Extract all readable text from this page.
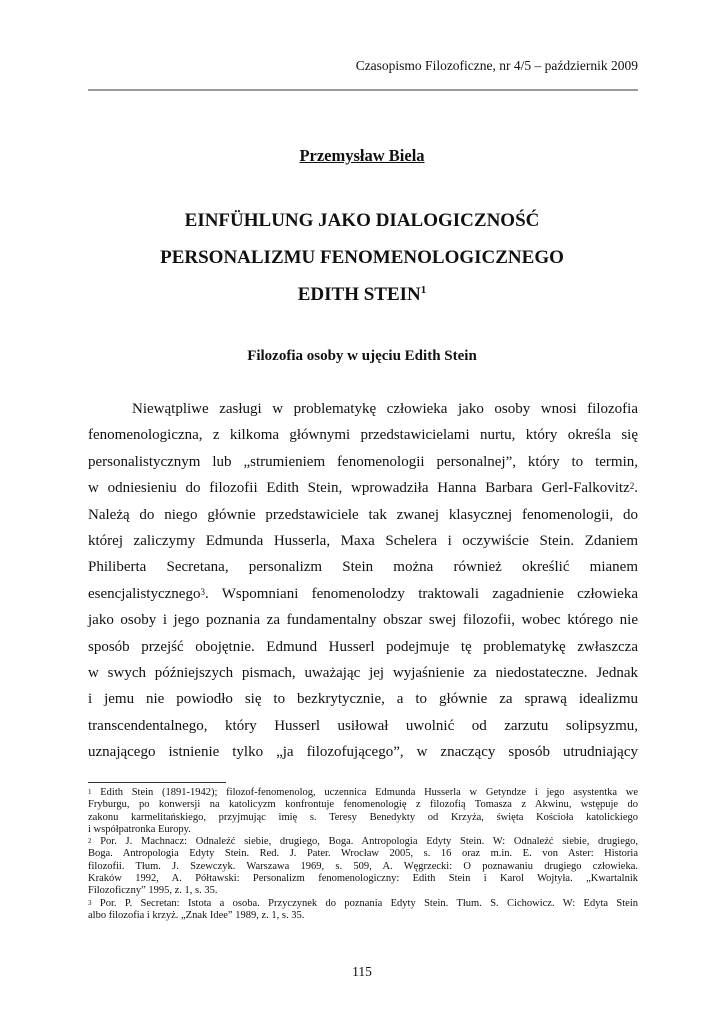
Czasopismo Filozoficzne, nr 4/5 – październik 2009
Przemysław Biela
EINFÜHLUNG JAKO DIALOGICZNOŚĆ
PERSONALIZMU FENOMENOLOGICZNEGO
EDITH STEIN$^1$
Filozofia osoby w ujęciu Edith Stein
Niewątpliwe zasługi w problematykę człowieka jako osoby wnosi filozofia
fenomenologiczna, z kilkoma głównymi przedstawicielami nurtu, który określa się
personalistycznym lub „strumieniem fenomenologii personalnej”, który to termin,
w odniesieniu do filozofii Edith Stein, wprowadziła Hanna Barbara Gerl-Falkovitz$^2$.
Należą do niego głównie przedstawiciele tak zwanej klasycznej fenomenologii, do
której zaliczymy Edmunda Husserla, Maxa Schelera i oczywiście Stein. Zdaniem
Philiberta Secretana, personalizm Stein można również określić mianem
esencjalistycznego$^3$. Wspomniani fenomenolodzy traktowali zagadnienie człowieka
jako osoby i jego poznania za fundamentalny obszar swej filozofii, wobec którego nie
sposób przejść obojętnie. Edmund Husserl podejmuje tę problematykę zwłaszcza
w swych późniejszych pismach, uważając jej wyjaśnienie za niedostateczne. Jednak
i jemu nie powiodło się to bezkrytycznie, a to głównie za sprawą idealizmu
transcendentalnego, który Husserl usiłował uwolnić od zarzutu solipsyzmu,
uznającego istnienie tylko „ja filozofującego”, w znaczący sposób utrudniający
$^1$ Edith Stein (1891-1942); filozof-fenomenolog, uczennica Edmunda Husserla w Getyndze i jego asystentka we
Fryburgu, po konwersji na katolicyzm konfrontuje fenomenologię z filozofią Tomasza z Akwinu, wstępuje do
zakonu karmelitańskiego, przyjmując imię s. Teresy Benedykty od Krzyża, święta Kościoła katolickiego
i współpatronka Europy.
$^2$ Por. J. Machnacz: Odnaleźć siebie, drugiego, Boga. Antropologia Edyty Stein. W: Odnaleźć siebie, drugiego,
Boga. Antropologia Edyty Stein. Red. J. Pater. Wrocław 2005, s. 16 oraz m.in. E. von Aster: Historia
filozofii. Tłum. J. Szewczyk. Warszawa 1969, s. 509, A. Węgrzecki: O poznawaniu drugiego człowieka.
Kraków 1992, A. Półtawski: Personalizm fenomenologiczny: Edith Stein i Karol Wojtyła. „Kwartalnik
Filozoficzny” 1995, z. 1, s. 35.
$^3$ Por. P. Secretan: Istota a osoba. Przyczynek do poznania Edyty Stein. Tłum. S. Cichowicz. W: Edyta Stein
albo filozofia i krzyż. „Znak Idee” 1989, z. 1, s. 35.
115
